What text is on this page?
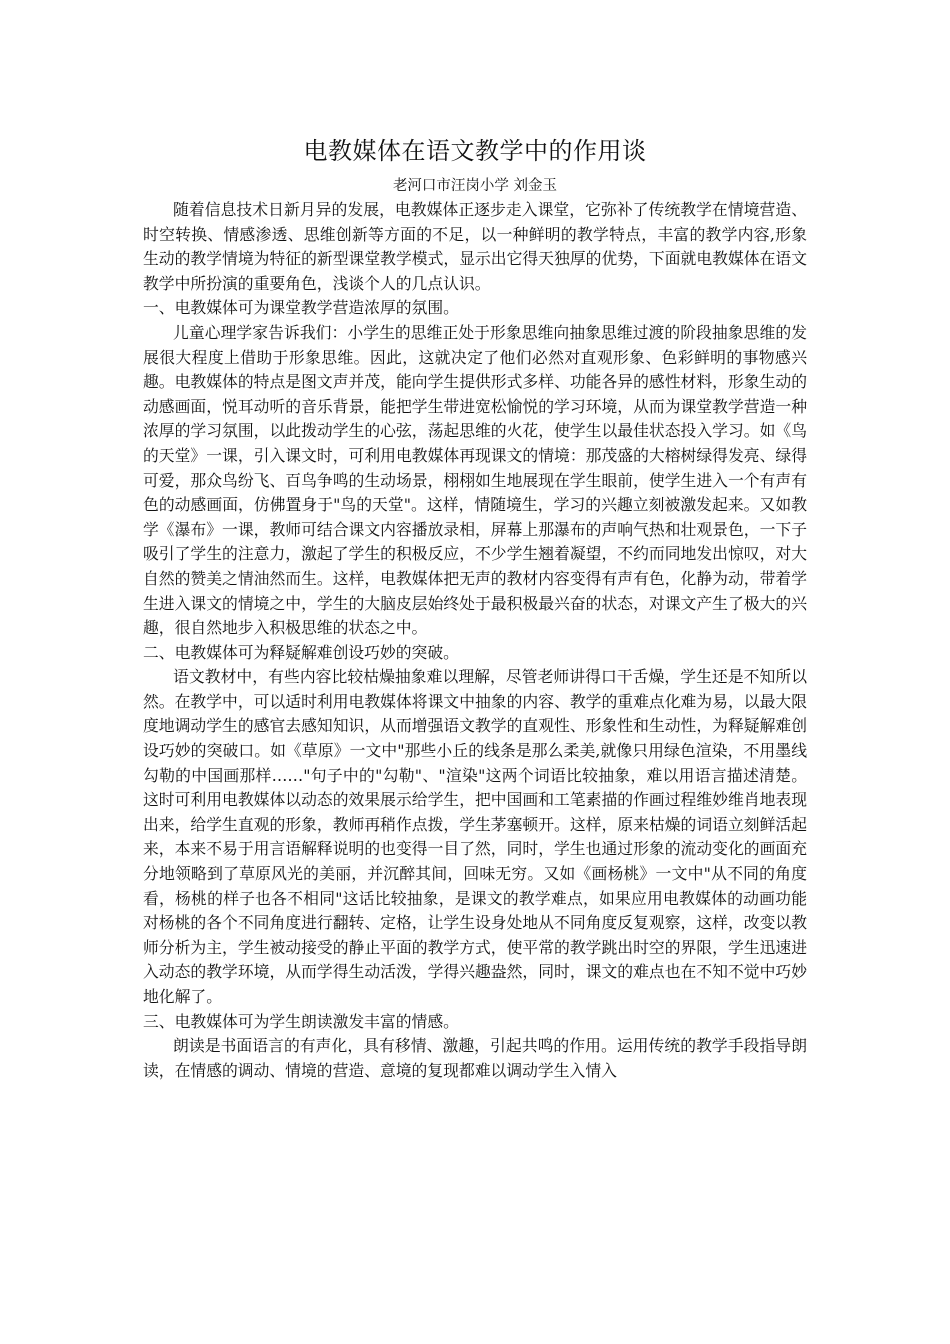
电教媒体在语文教学中的作用谈
老河口市汪岗小学 刘金玉

随着信息技术日新月异的发展，电教媒体正逐步走入课堂，它弥补了传统教学在情境营造、时空转换、情感渗透、思维创新等方面的不足，以一种鲜明的教学特点，丰富的教学内容,形象生动的教学情境为特征的新型课堂教学模式，显示出它得天独厚的优势，下面就电教媒体在语文教学中所扮演的重要角色，浅谈个人的几点认识。

一、电教媒体可为课堂教学营造浓厚的氛围。

儿童心理学家告诉我们：小学生的思维正处于形象思维向抽象思维过渡的阶段抽象思维的发展很大程度上借助于形象思维。因此，这就决定了他们必然对直观形象、色彩鲜明的事物感兴趣。电教媒体的特点是图文声并茂，能向学生提供形式多样、功能各异的感性材料，形象生动的动感画面，悦耳动听的音乐背景，能把学生带进宽松愉悦的学习环境，从而为课堂教学营造一种浓厚的学习氛围，以此拨动学生的心弦，荡起思维的火花，使学生以最佳状态投入学习。如《鸟的天堂》一课，引入课文时，可利用电教媒体再现课文的情境：那茂盛的大榕树绿得发亮、绿得可爱，那众鸟纷飞、百鸟争鸣的生动场景，栩栩如生地展现在学生眼前，使学生进入一个有声有色的动感画面，仿佛置身于"鸟的天堂"。这样，情随境生，学习的兴趣立刻被激发起来。又如教学《瀑布》一课，教师可结合课文内容播放录相，屏幕上那瀑布的声响气热和壮观景色，一下子吸引了学生的注意力，激起了学生的积极反应，不少学生翘着凝望，不约而同地发出惊叹，对大自然的赞美之情油然而生。这样，电教媒体把无声的教材内容变得有声有色，化静为动，带着学生进入课文的情境之中，学生的大脑皮层始终处于最积极最兴奋的状态，对课文产生了极大的兴趣，很自然地步入积极思维的状态之中。

二、电教媒体可为释疑解难创设巧妙的突破。

语文教材中，有些内容比较枯燥抽象难以理解，尽管老师讲得口干舌燥，学生还是不知所以然。在教学中，可以适时利用电教媒体将课文中抽象的内容、教学的重难点化难为易，以最大限度地调动学生的感官去感知知识，从而增强语文教学的直观性、形象性和生动性，为释疑解难创设巧妙的突破口。如《草原》一文中"那些小丘的线条是那么柔美,就像只用绿色渲染，不用墨线勾勒的中国画那样……"句子中的"勾勒"、"渲染"这两个词语比较抽象，难以用语言描述清楚。这时可利用电教媒体以动态的效果展示给学生，把中国画和工笔素描的作画过程维妙维肖地表现出来，给学生直观的形象，教师再稍作点拨，学生茅塞顿开。这样，原来枯燥的词语立刻鲜活起来，本来不易于用言语解释说明的也变得一目了然，同时，学生也通过形象的流动变化的画面充分地领略到了草原风光的美丽，并沉醉其间，回味无穷。又如《画杨桃》一文中"从不同的角度看，杨桃的样子也各不相同"这话比较抽象，是课文的教学难点，如果应用电教媒体的动画功能对杨桃的各个不同角度进行翻转、定格，让学生设身处地从不同角度反复观察，这样，改变以教师分析为主，学生被动接受的静止平面的教学方式，使平常的教学跳出时空的界限，学生迅速进入动态的教学环境，从而学得生动活泼，学得兴趣盎然，同时，课文的难点也在不知不觉中巧妙地化解了。

三、电教媒体可为学生朗读激发丰富的情感。

朗读是书面语言的有声化，具有移情、激趣，引起共鸣的作用。运用传统的教学手段指导朗读，在情感的调动、情境的营造、意境的复现都难以调动学生入情入
